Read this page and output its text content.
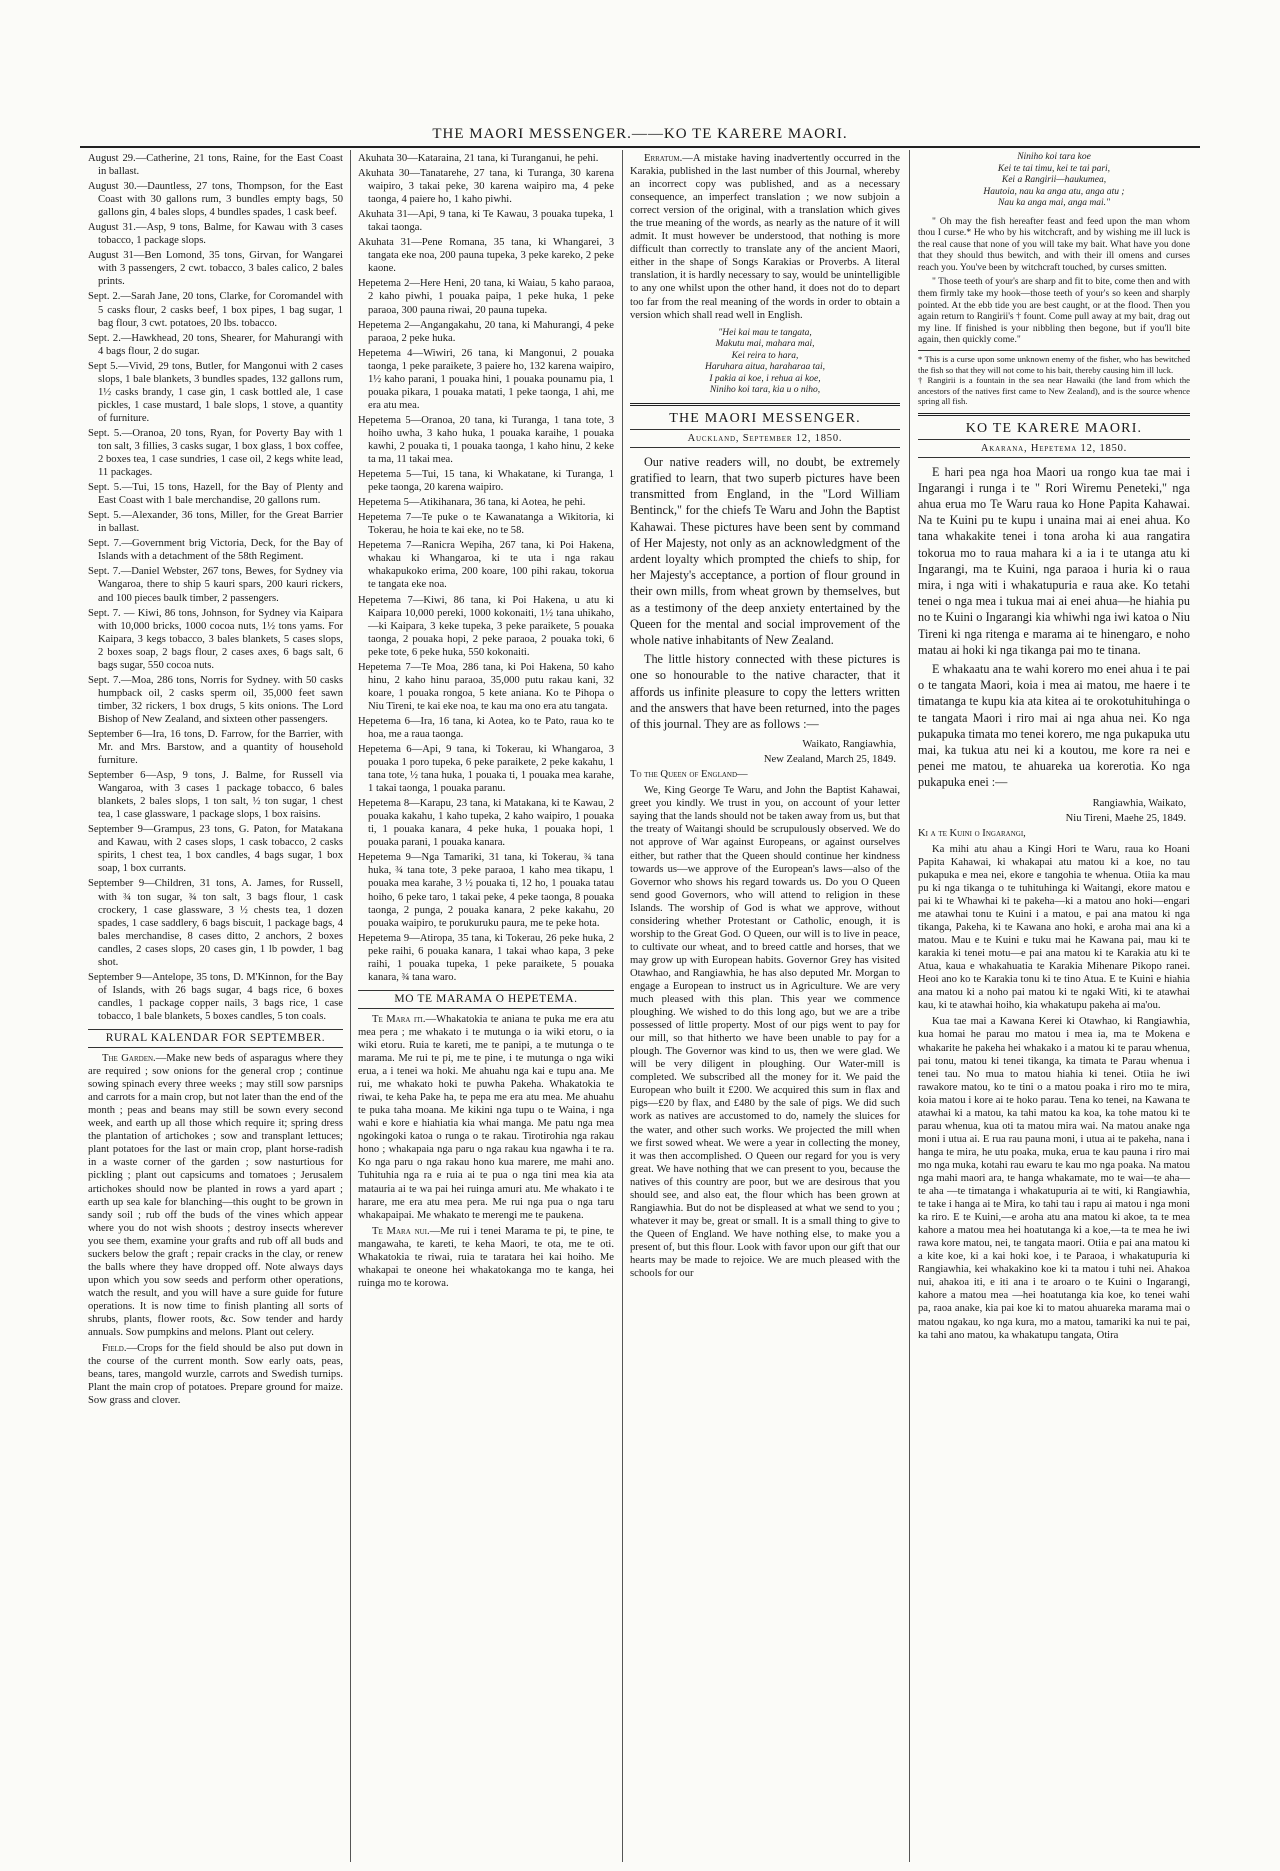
THE MAORI MESSENGER.——KO TE KARERE MAORI.

August 29.—Catherine, 21 tons, Raine, for the East Coast in ballast.

August 30.—Dauntless, 27 tons, Thompson, for the East Coast with 30 gallons rum, 3 bundles empty bags, 50 gallons gin, 4 bales slops, 4 bundles spades, 1 cask beef.

August 31.—Asp, 9 tons, Balme, for Kawau with 3 cases tobacco, 1 package slops.

August 31—Ben Lomond, 35 tons, Girvan, for Wangarei with 3 passengers, 2 cwt. tobacco, 3 bales calico, 2 bales prints.

Sept. 2.—Sarah Jane, 20 tons, Clarke, for Coromandel with 5 casks flour, 2 casks beef, 1 box pipes, 1 bag sugar, 1 bag flour, 3 cwt. potatoes, 20 lbs. tobacco.

Sept. 2.—Hawkhead, 20 tons, Shearer, for Mahurangi with 4 bags flour, 2 do sugar.

Sept 5.—Vivid, 29 tons, Butler, for Mangonui with 2 cases slops, 1 bale blankets, 3 bundles spades, 132 gallons rum, 1½ casks brandy, 1 case gin, 1 cask bottled ale, 1 case pickles, 1 case mustard, 1 bale slops, 1 stove, a quantity of furniture.

Sept. 5.—Oranoa, 20 tons, Ryan, for Poverty Bay with 1 ton salt, 3 fillies, 3 casks sugar, 1 box glass, 1 box coffee, 2 boxes tea, 1 case sundries, 1 case oil, 2 kegs white lead, 11 packages.

Sept. 5.—Tui, 15 tons, Hazell, for the Bay of Plenty and East Coast with 1 bale merchandise, 20 gallons rum.

Sept. 5.—Alexander, 36 tons, Miller, for the Great Barrier in ballast.

Sept. 7.—Government brig Victoria, Deck, for the Bay of Islands with a detachment of the 58th Regiment.

Sept. 7.—Daniel Webster, 267 tons, Bewes, for Sydney via Wangaroa, there to ship 5 kauri spars, 200 kauri rickers, and 100 pieces baulk timber, 2 passengers.

Sept. 7. — Kiwi, 86 tons, Johnson, for Sydney via Kaipara with 10,000 bricks, 1000 cocoa nuts, 1½ tons yams. For Kaipara, 3 kegs tobacco, 3 bales blankets, 5 cases slops, 2 boxes soap, 2 bags flour, 2 cases axes, 6 bags salt, 6 bags sugar, 550 cocoa nuts.

Sept. 7.—Moa, 286 tons, Norris for Sydney. with 50 casks humpback oil, 2 casks sperm oil, 35,000 feet sawn timber, 32 rickers, 1 box drugs, 5 kits onions. The Lord Bishop of New Zealand, and sixteen other passengers.

September 6—Ira, 16 tons, D. Farrow, for the Barrier, with Mr. and Mrs. Barstow, and a quantity of household furniture.

September 6—Asp, 9 tons, J. Balme, for Russell via Wangaroa, with 3 cases 1 package tobacco, 6 bales blankets, 2 bales slops, 1 ton salt, ½ ton sugar, 1 chest tea, 1 case glassware, 1 package slops, 1 box raisins.

September 9—Grampus, 23 tons, G. Paton, for Matakana and Kawau, with 2 cases slops, 1 cask tobacco, 2 casks spirits, 1 chest tea, 1 box candles, 4 bags sugar, 1 box soap, 1 box currants.

September 9—Children, 31 tons, A. James, for Russell, with ¾ ton sugar, ¾ ton salt, 3 bags flour, 1 cask crockery, 1 case glassware, 3 ½ chests tea, 1 dozen spades, 1 case saddlery, 6 bags biscuit, 1 package bags, 4 bales merchandise, 8 cases ditto, 2 anchors, 2 boxes candles, 2 cases slops, 20 cases gin, 1 lb powder, 1 bag shot.

September 9—Antelope, 35 tons, D. M'Kinnon, for the Bay of Islands, with 26 bags sugar, 4 bags rice, 6 boxes candles, 1 package copper nails, 3 bags rice, 1 case tobacco, 1 bale blankets, 5 boxes candles, 5 ton coals.

RURAL KALENDAR FOR SEPTEMBER.

The Garden.—Make new beds of asparagus where they are required ; sow onions for the general crop ; continue sowing spinach every three weeks ; may still sow parsnips and carrots for a main crop, but not later than the end of the month ; peas and beans may still be sown every second week, and earth up all those which require it; spring dress the plantation of artichokes ; sow and transplant lettuces; plant potatoes for the last or main crop, plant horse-radish in a waste corner of the garden ; sow nasturtious for pickling ; plant out capsicums and tomatoes ; Jerusalem artichokes should now be planted in rows a yard apart ; earth up sea kale for blanching—this ought to be grown in sandy soil ; rub off the buds of the vines which appear where you do not wish shoots ; destroy insects wherever you see them, examine your grafts and rub off all buds and suckers below the graft ; repair cracks in the clay, or renew the balls where they have dropped off. Note always days upon which you sow seeds and perform other operations, watch the result, and you will have a sure guide for future operations. It is now time to finish planting all sorts of shrubs, plants, flower roots, &c. Sow tender and hardy annuals. Sow pumpkins and melons. Plant out celery.

Field.—Crops for the field should be also put down in the course of the current month. Sow early oats, peas, beans, tares, mangold wurzle, carrots and Swedish turnips. Plant the main crop of potatoes. Prepare ground for maize. Sow grass and clover.

Akuhata 30—Kataraina, 21 tana, ki Turanganui, he pehi.

Akuhata 30—Tanatarehe, 27 tana, ki Turanga, 30 karena waipiro, 3 takai peke, 30 karena waipiro ma, 4 peke taonga, 4 paiere ho, 1 kaho piwhi.

Akuhata 31—Api, 9 tana, ki Te Kawau, 3 pouaka tupeka, 1 takai taonga.

Akuhata 31—Pene Romana, 35 tana, ki Whangarei, 3 tangata eke noa, 200 pauna tupeka, 3 peke kareko, 2 peke kaone.

Hepetema 2—Here Heni, 20 tana, ki Waiau, 5 kaho paraoa, 2 kaho piwhi, 1 pouaka paipa, 1 peke huka, 1 peke paraoa, 300 pauna riwai, 20 pauna tupeka.

Hepetema 2—Angangakahu, 20 tana, ki Mahurangi, 4 peke paraoa, 2 peke huka.

Hepetema 4—Wiwiri, 26 tana, ki Mangonui, 2 pouaka taonga, 1 peke paraikete, 3 paiere ho, 132 karena waipiro, 1½ kaho parani, 1 pouaka hini, 1 pouaka pounamu pia, 1 pouaka pikara, 1 pouaka matati, 1 peke taonga, 1 ahi, me era atu mea.

Hepetema 5—Oranoa, 20 tana, ki Turanga, 1 tana tote, 3 hoiho uwha, 3 kaho huka, 1 pouaka karaihe, 1 pouaka kawhi, 2 pouaka ti, 1 pouaka taonga, 1 kaho hinu, 2 keke ta ma, 11 takai mea.

Hepetema 5—Tui, 15 tana, ki Whakatane, ki Turanga, 1 peke taonga, 20 karena waipiro.

Hepetema 5—Atikihanara, 36 tana, ki Aotea, he pehi.

Hepetema 7—Te puke o te Kawanatanga a Wikitoria, ki Tokerau, he hoia te kai eke, no te 58.

Hepetema 7—Ranicra Wepiha, 267 tana, ki Poi Hakena, whakau ki Whangaroa, ki te uta i nga rakau whakapukoko erima, 200 koare, 100 pihi rakau, tokorua te tangata eke noa.

Hepetema 7—Kiwi, 86 tana, ki Poi Hakena, u atu ki Kaipara 10,000 pereki, 1000 kokonaiti, 1½ tana uhikaho,—ki Kaipara, 3 keke tupeka, 3 peke paraikete, 5 pouaka taonga, 2 pouaka hopi, 2 peke paraoa, 2 pouaka toki, 6 peke tote, 6 peke huka, 550 kokonaiti.

Hepetema 7—Te Moa, 286 tana, ki Poi Hakena, 50 kaho hinu, 2 kaho hinu paraoa, 35,000 putu rakau kani, 32 koare, 1 pouaka rongoa, 5 kete aniana. Ko te Pihopa o Niu Tireni, te kai eke noa, te kau ma ono era atu tangata.

Hepetema 6—Ira, 16 tana, ki Aotea, ko te Pato, raua ko te hoa, me a raua taonga.

Hepetema 6—Api, 9 tana, ki Tokerau, ki Whangaroa, 3 pouaka 1 poro tupeka, 6 peke paraikete, 2 peke kakahu, 1 tana tote, ½ tana huka, 1 pouaka ti, 1 pouaka mea karahe, 1 takai taonga, 1 pouaka paranu.

Hepetema 8—Karapu, 23 tana, ki Matakana, ki te Kawau, 2 pouaka kakahu, 1 kaho tupeka, 2 kaho waipiro, 1 pouaka ti, 1 pouaka kanara, 4 peke huka, 1 pouaka hopi, 1 pouaka parani, 1 pouaka kanara.

Hepetema 9—Nga Tamariki, 31 tana, ki Tokerau, ¾ tana huka, ¾ tana tote, 3 peke paraoa, 1 kaho mea tikapu, 1 pouaka mea karahe, 3 ½ pouaka ti, 12 ho, 1 pouaka tatau hoiho, 6 peke taro, 1 takai peke, 4 peke taonga, 8 pouaka taonga, 2 punga, 2 pouaka kanara, 2 peke kakahu, 20 pouaka waipiro, te porukuruku paura, me te peke hota.

Hepetema 9—Atiropa, 35 tana, ki Tokerau, 26 peke huka, 2 peke raihi, 6 pouaka kanara, 1 takai whao kapa, 3 peke raihi, 1 pouaka tupeka, 1 peke paraikete, 5 pouaka kanara, ¾ tana waro.

MO TE MARAMA O HEPETEMA.

Te Mara iti.—Whakatokia te aniana te puka me era atu mea pera ; me whakato i te mutunga o ia wiki etoru, o ia wiki etoru. Ruia te kareti, me te panipi, a te mutunga o te marama. Me rui te pi, me te pine, i te mutunga o nga wiki erua, a i tenei wa hoki. Me ahuahu nga kai e tupu ana. Me rui, me whakato hoki te puwha Pakeha. Whakatokia te riwai, te keha Pake ha, te pepa me era atu mea. Me ahuahu te puka taha moana. Me kikini nga tupu o te Waina, i nga wahi e kore e hiahiatia kia whai manga. Me patu nga mea ngokingoki katoa o runga o te rakau. Tirotirohia nga rakau hono ; whakapaia nga paru o nga rakau kua ngawha i te ra. Ko nga paru o nga rakau hono kua marere, me mahi ano. Tuhituhia nga ra e ruia ai te pua o nga tini mea kia ata matauria ai te wa pai hei ruinga amuri atu. Me whakato i te harare, me era atu mea pera. Me rui nga pua o nga taru whakapaipai. Me whakato te merengi me te paukena.

Te Mara nui.—Me rui i tenei Marama te pi, te pine, te mangawaha, te kareti, te keha Maori, te ota, me te oti. Whakatokia te riwai, ruia te taratara hei kai hoiho. Me whakapai te oneone hei whakatokanga mo te kanga, hei ruinga mo te korowa.

Erratum.—A mistake having inadvertently occurred in the Karakia, published in the last number of this Journal, whereby an incorrect copy was published, and as a necessary consequence, an imperfect translation ; we now subjoin a correct version of the original, with a translation which gives the true meaning of the words, as nearly as the nature of it will admit. It must however be understood, that nothing is more difficult than correctly to translate any of the ancient Maori, either in the shape of Songs Karakias or Proverbs. A literal translation, it is hardly necessary to say, would be unintelligible to any one whilst upon the other hand, it does not do to depart too far from the real meaning of the words in order to obtain a version which shall read well in English.

"Hei kai mau te tangata,
Makutu mai, mahara mai,
Kei reira to hara,
Haruhara aitua, haraharaa tai,
I pakia ai koe, i rehua ai koe,
Niniho koi tara, kia u o niho,
THE MAORI MESSENGER.
Auckland, September 12, 1850.

Our native readers will, no doubt, be extremely gratified to learn, that two superb pictures have been transmitted from England, in the "Lord William Bentinck," for the chiefs Te Waru and John the Baptist Kahawai. These pictures have been sent by command of Her Majesty, not only as an acknowledgment of the ardent loyalty which prompted the chiefs to ship, for her Majesty's acceptance, a portion of flour ground in their own mills, from wheat grown by themselves, but as a testimony of the deep anxiety entertained by the Queen for the mental and social improvement of the whole native inhabitants of New Zealand.

The little history connected with these pictures is one so honourable to the native character, that it affords us infinite pleasure to copy the letters written and the answers that have been returned, into the pages of this journal. They are as follows :—

Waikato, Rangiawhia,
New Zealand, March 25, 1849.
To the Queen of England—

We, King George Te Waru, and John the Baptist Kahawai, greet you kindly. We trust in you, on account of your letter saying that the lands should not be taken away from us, but that the treaty of Waitangi should be scrupulously observed. We do not approve of War against Europeans, or against ourselves either, but rather that the Queen should continue her kindness towards us—we approve of the European's laws—also of the Governor who shows his regard towards us. Do you O Queen send good Governors, who will attend to religion in these Islands. The worship of God is what we approve, without considering whether Protestant or Catholic, enough, it is worship to the Great God. O Queen, our will is to live in peace, to cultivate our wheat, and to breed cattle and horses, that we may grow up with European habits. Governor Grey has visited Otawhao, and Rangiawhia, he has also deputed Mr. Morgan to engage a European to instruct us in Agriculture. We are very much pleased with this plan. This year we commence ploughing. We wished to do this long ago, but we are a tribe possessed of little property. Most of our pigs went to pay for our mill, so that hitherto we have been unable to pay for a plough. The Governor was kind to us, then we were glad. We will be very diligent in ploughing. Our Water-mill is completed. We subscribed all the money for it. We paid the European who built it £200. We acquired this sum in flax and pigs—£20 by flax, and £480 by the sale of pigs. We did such work as natives are accustomed to do, namely the sluices for the water, and other such works. We projected the mill when we first sowed wheat. We were a year in collecting the money, it was then accomplished. O Queen our regard for you is very great. We have nothing that we can present to you, because the natives of this country are poor, but we are desirous that you should see, and also eat, the flour which has been grown at Rangiawhia. But do not be displeased at what we send to you ; whatever it may be, great or small. It is a small thing to give to the Queen of England. We have nothing else, to make you a present of, but this flour. Look with favor upon our gift that our hearts may be made to rejoice. We are much pleased with the schools for our

Niniho koi tara koe
Kei te tai timu, kei te tai pari,
Kei a Rangirii—haukumea,
Hautoia, nau ka anga atu, anga atu ;
Nau ka anga mai, anga mai."

" Oh may the fish hereafter feast and feed upon the man whom thou I curse.* He who by his witchcraft, and by wishing me ill luck is the real cause that none of you will take my bait. What have you done that they should thus bewitch, and with their ill omens and curses reach you. You've been by witchcraft touched, by curses smitten.

" Those teeth of your's are sharp and fit to bite, come then and with them firmly take my hook—those teeth of your's so keen and sharply pointed. At the ebb tide you are best caught, or at the flood. Then you again return to Rangirii's † fount. Come pull away at my bait, drag out my line. If finished is your nibbling then begone, but if you'll bite again, then quickly come."

* This is a curse upon some unknown enemy of the fisher, who has bewitched the fish so that they will not come to his bait, thereby causing him ill luck.
† Rangirii is a fountain in the sea near Hawaiki (the land from which the ancestors of the natives first came to New Zealand), and is the source whence spring all fish.
KO TE KARERE MAORI.
Akarana, Hepetema 12, 1850.

E hari pea nga hoa Maori ua rongo kua tae mai i Ingarangi i runga i te " Rori Wiremu Peneteki," nga ahua erua mo Te Waru raua ko Hone Papita Kahawai. Na te Kuini pu te kupu i unaina mai ai enei ahua. Ko tana whakakite tenei i tona aroha ki aua rangatira tokorua mo to raua mahara ki a ia i te utanga atu ki Ingarangi, ma te Kuini, nga paraoa i huria ki o raua mira, i nga witi i whakatupuria e raua ake. Ko tetahi tenei o nga mea i tukua mai ai enei ahua—he hiahia pu no te Kuini o Ingarangi kia whiwhi nga iwi katoa o Niu Tireni ki nga ritenga e marama ai te hinengaro, e noho matau ai hoki ki nga tikanga pai mo te tinana.

E whakaatu ana te wahi korero mo enei ahua i te pai o te tangata Maori, koia i mea ai matou, me haere i te timatanga te kupu kia ata kitea ai te orokotuhituhinga o te tangata Maori i riro mai ai nga ahua nei. Ko nga pukapuka timata mo tenei korero, me nga pukapuka utu mai, ka tukua atu nei ki a koutou, me kore ra nei e penei me matou, te ahuareka ua korerotia. Ko nga pukapuka enei :—

Rangiawhia, Waikato,
Niu Tireni, Maehe 25, 1849.
Ki a te Kuini o Ingarangi,

Ka mihi atu ahau a Kingi Hori te Waru, raua ko Hoani Papita Kahawai, ki whakapai atu matou ki a koe, no tau pukapuka e mea nei, ekore e tangohia te whenua. Otiia ka mau pu ki nga tikanga o te tuhituhinga ki Waitangi, ekore matou e pai ki te Whawhai ki te pakeha—ki a matou ano hoki—engari me atawhai tonu te Kuini i a matou, e pai ana matou ki nga tikanga, Pakeha, ki te Kawana ano hoki, e aroha mai ana ki a matou. Mau e te Kuini e tuku mai he Kawana pai, mau ki te karakia ki tenei motu—e pai ana matou ki te Karakia atu ki te Atua, kaua e whakahuatia te Karakia Mihenare Pikopo ranei. Heoi ano ko te Karakia tonu ki te tino Atua. E te Kuini e hiahia ana matou ki a noho pai matou ki te ngaki Witi, ki te atawhai kau, ki te atawhai hoiho, kia whakatupu pakeha ai ma'ou.

Kua tae mai a Kawana Kerei ki Otawhao, ki Rangiawhia, kua homai he parau mo matou i mea ia, ma te Mokena e whakarite he pakeha hei whakako i a matou ki te parau whenua, pai tonu, matou ki tenei tikanga, ka timata te Parau whenua i tenei tau. No mua to matou hiahia ki tenei. Otiia he iwi rawakore matou, ko te tini o a matou poaka i riro mo te mira, koia matou i kore ai te hoko parau. Tena ko tenei, na Kawana te atawhai ki a matou, ka tahi matou ka koa, ka tohe matou ki te parau whenua, kua oti ta matou mira wai. Na matou anake nga moni i utua ai. E rua rau pauna moni, i utua ai te pakeha, nana i hanga te mira, he utu poaka, muka, erua te kau pauna i riro mai mo nga muka, kotahi rau ewaru te kau mo nga poaka. Na matou nga mahi maori ara, te hanga whakamate, mo te wai—te aha—te aha —te timatanga i whakatupuria ai te witi, ki Rangiawhia, te take i hanga ai te Mira, ko tahi tau i rapu ai matou i nga moni ka riro. E te Kuini,—e aroha atu ana matou ki akoe, ta te mea kahore a matou mea hei hoatutanga ki a koe,—ta te mea he iwi rawa kore matou, nei, te tangata maori. Otiia e pai ana matou ki a kite koe, ki a kai hoki koe, i te Paraoa, i whakatupuria ki Rangiawhia, kei whakakino koe ki ta matou i tuhi nei. Ahakoa nui, ahakoa iti, e iti ana i te aroaro o te Kuini o Ingarangi, kahore a matou mea —hei hoatutanga kia koe, ko tenei wahi pa, raoa anake, kia pai koe ki to matou ahuareka marama mai o matou ngakau, ko nga kura, mo a matou, tamariki ka nui te pai, ka tahi ano matou, ka whakatupu tangata, Otira
